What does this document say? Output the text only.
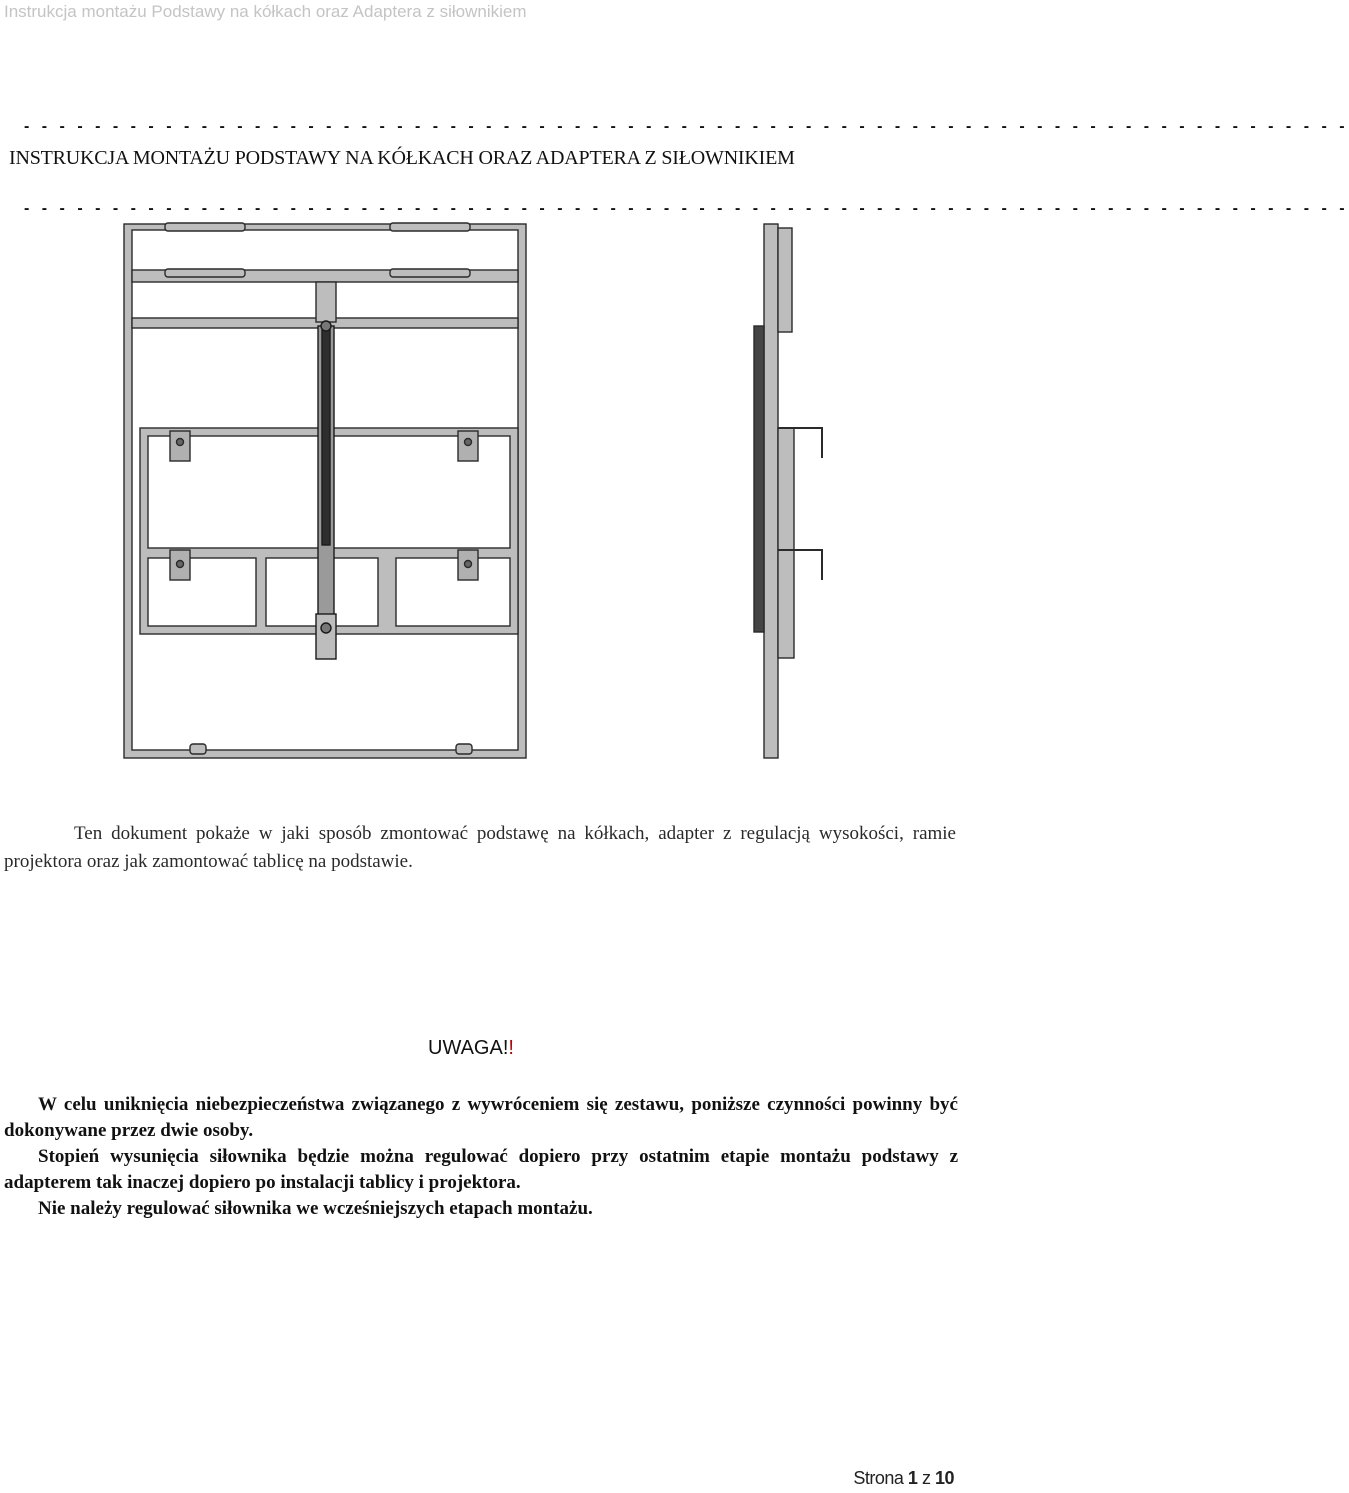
Instrukcja montażu Podstawy na kółkach oraz Adaptera z siłownikiem
- - - - - - - - - - - - - - - - - - - - - - - - - - - - - - - - - - - - - - - - - - - - - - - - - - - - - - - - - - - - - - - - - - - - - - - - - - -
INSTRUKCJA MONTAŻU PODSTAWY NA KÓŁKACH ORAZ ADAPTERA Z SIŁOWNIKIEM
- - - - - - - - - - - - - - - - - - - - - - - - - - - - - - - - - - - - - - - - - - - - - - - - - - - - - - - - - - - - - - - - - - - - - - - - - - -
Ten dokument pokaże w jaki sposób zmontować podstawę na kółkach, adapter z regulacją wysokości, ramie projektora oraz jak zamontować tablicę na podstawie.
UWAGA!!

W celu uniknięcia niebezpieczeństwa związanego z wywróceniem się zestawu, poniższe czynności powinny być dokonywane przez dwie osoby.

Stopień wysunięcia siłownika będzie można regulować dopiero przy ostatnim etapie montażu podstawy z adapterem tak inaczej dopiero po instalacji tablicy i projektora.

Nie należy regulować siłownika we wcześniejszych etapach montażu.

Strona 1 z 10
